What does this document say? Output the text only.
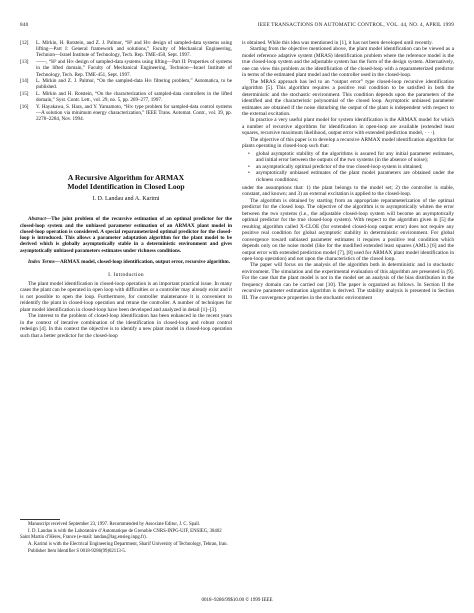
840	IEEE TRANSACTIONS ON AUTOMATIC CONTROL, VOL. 44, NO. 4, APRIL 1999

[12] L. Mirkin, H. Rotstein, and Z. J. Palmor, “H² and H∞ design of sampled-data systems using lifting—Part I: General framework and solutions,” Faculty of Mechanical Engineering, Technion—Israel Institute of Technology, Tech. Rep. TME-450, Sept. 1997.

[13] ——, “H² and H∞ design of sampled-data systems using lifting—Part II: Properties of systems in the lifted domain,” Faculty of Mechanical Engineering, Technion—Israel Institute of Technology, Tech. Rep. TME-451, Sept. 1997.

[14] L. Mirkin and Z. J. Palmor, “On the sampled-data H∞ filtering problem,” Automatica, to be published.

[15] L. Mirkin and H. Rotstein, “On the characterization of sampled-data controllers in the lifted domain,” Syst. Contr. Lett., vol. 29, no. 5, pp. 269–277, 1997.

[16] Y. Hayakawa, S. Hara, and Y. Yamamoto, “H∞ type problem for sampled-data control systems—A solution via minimum energy characterization,” IEEE Trans. Automat. Contr., vol. 39, pp. 2278–2284, Nov. 1994.

A Recursive Algorithm for ARMAX
Model Identification in Closed Loop
I. D. Landau and A. Karimi

Abstract—The joint problem of the recursive estimation of an optimal predictor for the closed-loop system and the unbiased parameter estimation of an ARMAX plant model in closed-loop operation is considered. A special reparameterized optimal predictor for the closed-loop is introduced. This allows a parameter adaptation algorithm for the plant model to be derived which is globally asymptotically stable in a deterministic environment and gives asymptotically unbiased parameters estimates under richness conditions.

Index Terms—ARMAX model, closed-loop identification, output error, recursive algorithm.

I. Introduction

The plant model identification in closed-loop operation is an important practical issue. In many cases the plant can be operated in open loop with difficulties or a controller may already exist and it is not possible to open the loop. Furthermore, for controller maintenance it is convenient to reidentify the plant in closed-loop operation and retune the controller. A number of techniques for plant model identification in closed-loop have been developed and analyzed in detail [1]–[3].

The interest to the problem of closed-loop identification has been enhanced in the recent years in the context of iterative combination of the identification in closed-loop and robust control redesign [4]. In this context the objective is to identify a new plant model in closed-loop operation such that a better predictor for the closed-loop

Manuscript received September 23, 1997. Recommended by Associate Editor, J. C. Spall.

I. D. Landau is with the Laboratoire d’Automatique de Grenoble CNRS-INPG-UJF, ENSIEG, 38402 Saint Martin d’Hères, France (e-mail: landau@lag.ensieg.inpg.fr).

A. Karimi is with the Electrical Engineering Department, Sharif University of Technology, Tehran, Iran.

Publisher Item Identifier S 0018-9286(99)02113-5.

is obtained. While this idea was mentioned in [1], it has not been developed until recently.

Starting from the objective mentioned above, the plant model identification can be viewed as a model reference adaptive system (MRAS) identification problem where the reference model is the true closed-loop system and the adjustable system has the form of the design system. Alternatively, one can view this problem as the identification of the closed-loop with a reparameterized predictor in terms of the estimated plant model and the controller used in the closed-loop.

The MRAS approach has led to an “output error” type closed-loop recursive identification algorithm [5]. This algorithm requires a positive real condition to be satisfied in both the deterministic and the stochastic environment. This condition depends upon the parameters of the identified and the characteristic polynomial of the closed loop. Asymptotic unbiased parameter estimates are obtained if the noise disturbing the output of the plant is independent with respect to the external excitation.

In practice a very useful plant model for system identification is the ARMAX model for which a number of recursive algorithms for identification in open-loop are available (extended least squares, recursive maximum likelihood, output error with extended prediction model, · · ·).

The objective of this paper is to develop a recursive ARMAX model identification algorithm for plants operating in closed-loop such that:

• global asymptotic stability of the algorithms is assured for any initial parameter estimates, and initial error between the outputs of the two systems (in the absence of noise);
• an asymptotically optimal predictor of the true closed-loop system is obtained;
• asymptotically unbiased estimates of the plant model parameters are obtained under the richness conditions;

under the assumptions that: 1) the plant belongs to the model set; 2) the controller is stable, constant, and known; and 3) an external excitation is applied to the closed-loop.

The algorithm is obtained by starting from an appropriate reparameterization of the optimal predictor for the closed loop. The objective of the algorithm is to asymptotically whiten the error between the two systems (i.e., the adjustable closed-loop system will become an asymptotically optimal predictor for the true closed-loop system). With respect to the algorithm given in [5] the resulting algorithm called X-CLOE (for extended closed-loop output error) does not require any positive real condition for global asymptotic stability in deterministic environment. For global convergence toward unbiased parameter estimates it requires a positive real condition which depends only on the noise model (like for the modified extended least squares (AML) [6] and the output error with extended prediction model [7], [8] used for ARMAX plant model identification in open-loop operation) and not upon the characteristics of the closed loop.

The paper will focus on the analysis of the algorithm both in deterministic and in stochastic environment. The simulation and the experimental evaluation of this algorithm are presented in [9]. For the case that the plant model is not in the model set an analysis of the bias distribution in the frequency domain can be carried out [10]. The paper is organized as follows. In Section II the recursive parameter estimation algorithm is derived. The stability analysis is presented in Section III. The convergence properties in the stochastic environment

0018–9286/99$10.00 © 1999 IEEE
